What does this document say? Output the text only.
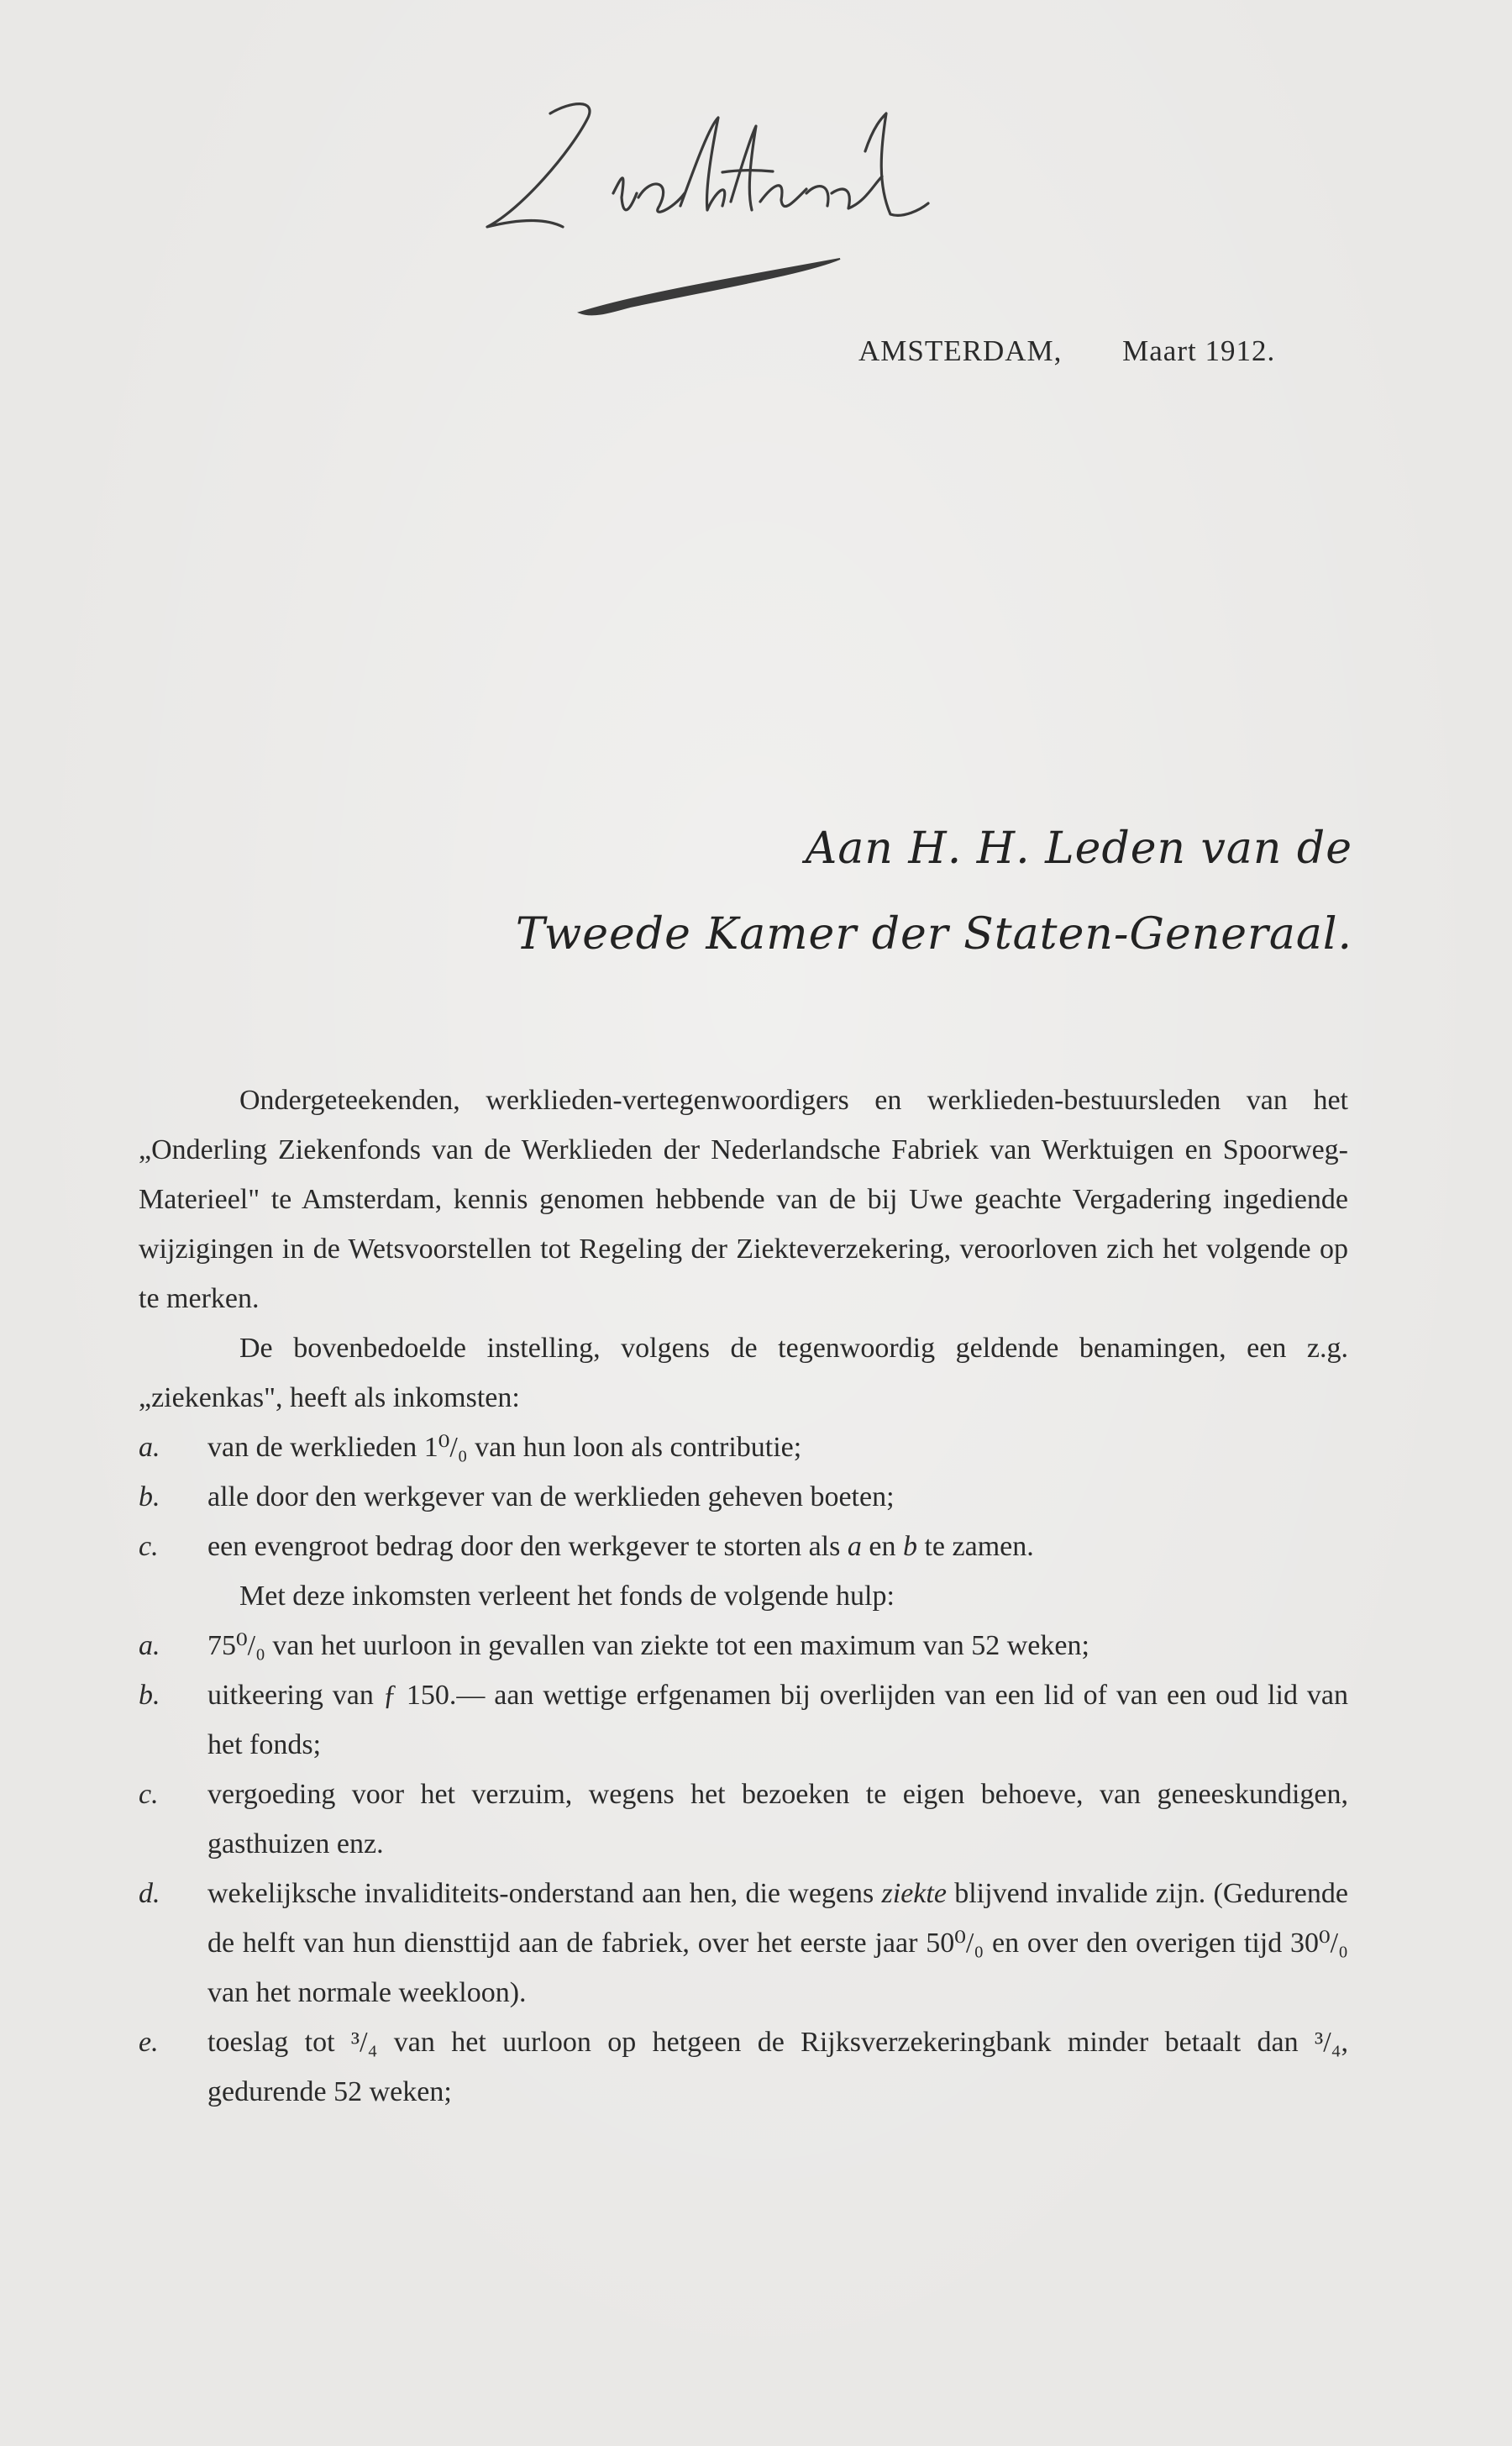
AMSTERDAM, Maart 1912.
Aan H. H. Leden van de
Tweede Kamer der Staten-Generaal.

Ondergeteekenden, werklieden-vertegenwoordigers en werklieden-bestuursleden van het „Onderling Ziekenfonds van de Werklieden der Nederlandsche Fabriek van Werktuigen en Spoorweg-Materieel" te Amsterdam, kennis genomen hebbende van de bij Uwe geachte Vergadering ingediende wijzigingen in de Wetsvoorstellen tot Regeling der Ziekteverzekering, veroorloven zich het volgende op te merken.

De bovenbedoelde instelling, volgens de tegenwoordig geldende benamingen, een z.g. „ziekenkas", heeft als inkomsten:

a.	van de werklieden 1⁰/₀ van hun loon als contributie;
b.	alle door den werkgever van de werklieden geheven boeten;
c.	een evengroot bedrag door den werkgever te storten als a en b te zamen.

Met deze inkomsten verleent het fonds de volgende hulp:

a.	75⁰/₀ van het uurloon in gevallen van ziekte tot een maximum van 52 weken;
b.	uitkeering van ƒ 150.— aan wettige erfgenamen bij overlijden van een lid of van een oud lid van het fonds;
c.	vergoeding voor het verzuim, wegens het bezoeken te eigen behoeve, van geneeskundigen, gasthuizen enz.
d.	wekelijksche invaliditeits-onderstand aan hen, die wegens ziekte blijvend invalide zijn. (Gedurende de helft van hun diensttijd aan de fabriek, over het eerste jaar 50⁰/₀ en over den overigen tijd 30⁰/₀ van het normale weekloon).
e.	toeslag tot ³/₄ van het uurloon op hetgeen de Rijksverzekeringbank minder betaalt dan ³/₄, gedurende 52 weken;
